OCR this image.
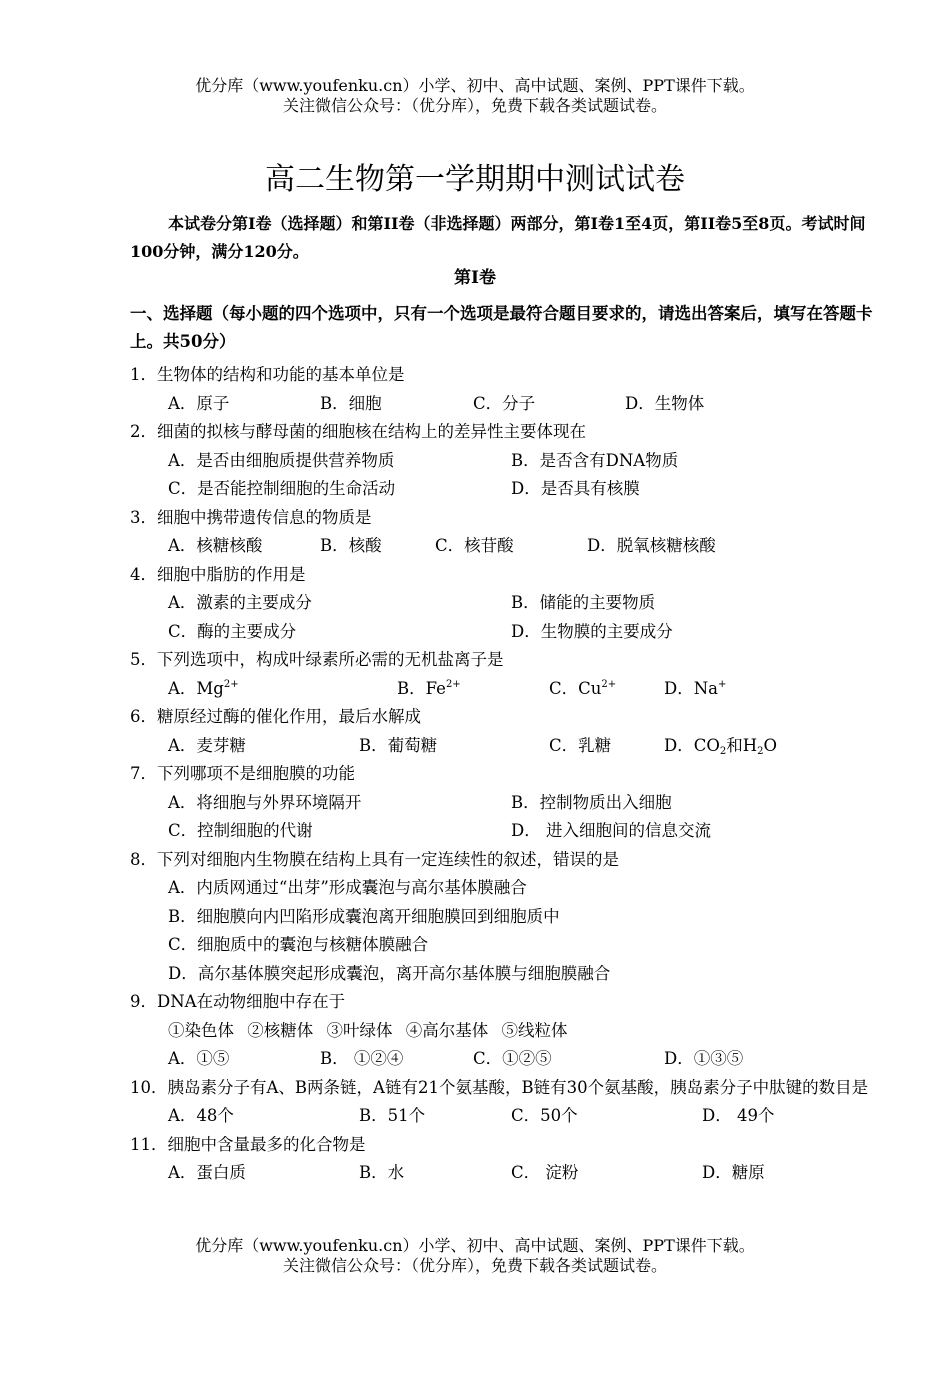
优分库（www.youfenku.cn）小学、初中、高中试题、案例、PPT课件下载。
关注微信公众号：（优分库），免费下载各类试题试卷。
高二生物第一学期期中测试试卷
本试卷分第I卷（选择题）和第II卷（非选择题）两部分，第I卷1至4页，第II卷5至8页。考试时间100分钟，满分120分。
第I卷
一、选择题（每小题的四个选项中，只有一个选项是最符合题目要求的，请选出答案后，填写在答题卡上。共50分）
1．生物体的结构和功能的基本单位是
A．原子	B．细胞	C．分子	D．生物体
2．细菌的拟核与酵母菌的细胞核在结构上的差异性主要体现在
A．是否由细胞质提供营养物质	B．是否含有DNA物质
C．是否能控制细胞的生命活动	D．是否具有核膜
3．细胞中携带遗传信息的物质是
A．核糖核酸	B．核酸	C．核苷酸	D．脱氧核糖核酸
4．细胞中脂肪的作用是
A．激素的主要成分	B．储能的主要物质
C．酶的主要成分	D．生物膜的主要成分
5．下列选项中，构成叶绿素所必需的无机盐离子是
A．$Mg^{2+}$	B．$Fe^{2+}$	C．$Cu^{2+}$	D．Na+
6．糖原经过酶的催化作用，最后水解成
A．麦芽糖	B．葡萄糖	C．乳糖	D．$CO_2$和$H_2O$
7．下列哪项不是细胞膜的功能
A．将细胞与外界环境隔开	B．控制物质出入细胞
C．控制细胞的代谢	D． 进入细胞间的信息交流
8．下列对细胞内生物膜在结构上具有一定连续性的叙述，错误的是
A．内质网通过“出芽”形成囊泡与高尔基体膜融合
B．细胞膜向内凹陷形成囊泡离开细胞膜回到细胞质中
C．细胞质中的囊泡与核糖体膜融合
D．高尔基体膜突起形成囊泡，离开高尔基体膜与细胞膜融合
9．DNA在动物细胞中存在于
①染色体 ②核糖体 ③叶绿体 ④高尔基体 ⑤线粒体
A．①⑤	B． ①②④	C．①②⑤	D．①③⑤
10．胰岛素分子有A、B两条链，A链有21个氨基酸，B链有30个氨基酸，胰岛素分子中肽键的数目是
A．48个	B．51个	C．50个	D． 49个
11．细胞中含量最多的化合物是
A．蛋白质	B．水	C． 淀粉	D．糖原
优分库（www.youfenku.cn）小学、初中、高中试题、案例、PPT课件下载。
关注微信公众号：（优分库），免费下载各类试题试卷。
